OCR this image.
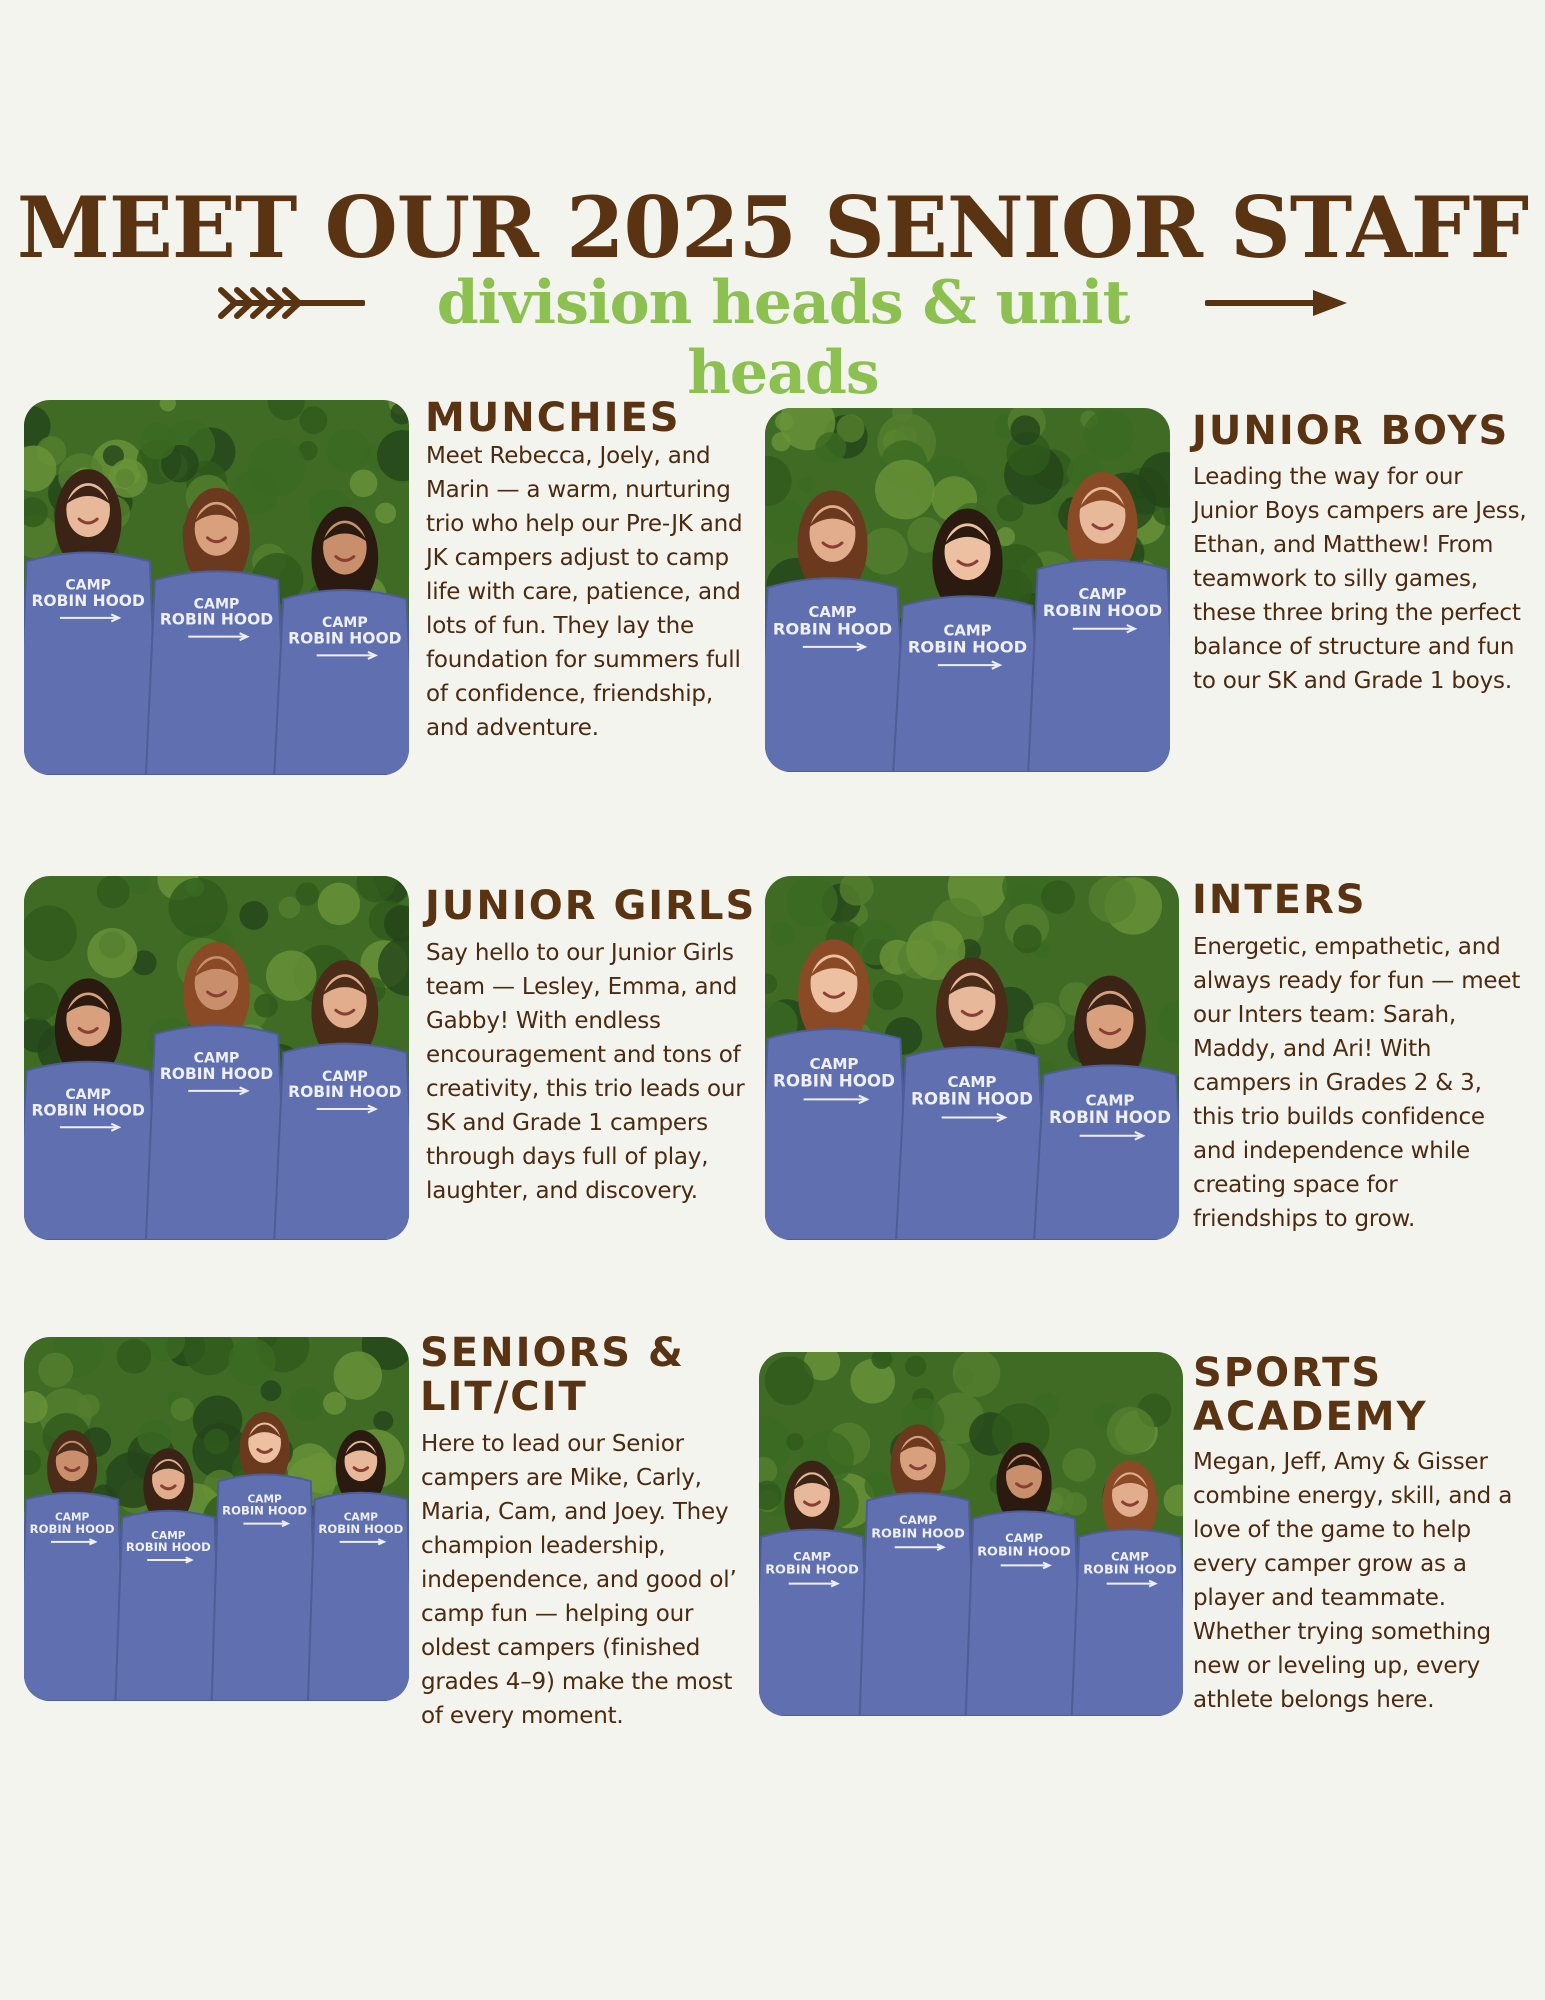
MEET OUR 2025 SENIOR STAFF
division heads & unit heads
CAMP
ROBIN HOOD	CAMP
ROBIN HOOD	CAMP
ROBIN HOOD
CAMP
ROBIN HOOD	CAMP
ROBIN HOOD
CAMP
ROBIN HOOD
CAMP
ROBIN HOOD
CAMP
ROBIN HOOD	CAMP
ROBIN HOOD
CAMP
ROBIN HOOD	CAMP
ROBIN HOOD	CAMP
ROBIN HOOD
CAMP
ROBIN HOOD
CAMP
ROBIN HOOD
CAMP
ROBIN HOOD
CAMP
ROBIN HOOD
CAMP
ROBIN HOOD
CAMP
ROBIN HOOD	CAMP
ROBIN HOOD	CAMP
ROBIN HOOD
MUNCHIES

Meet Rebecca, Joely, and Marin — a warm, nurturing trio who help our Pre-JK and JK campers adjust to camp life with care, patience, and lots of fun. They lay the foundation for summers full of confidence, friendship, and adventure.

JUNIOR BOYS

Leading the way for our Junior Boys campers are Jess, Ethan, and Matthew! From teamwork to silly games, these three bring the perfect balance of structure and fun to our SK and Grade 1 boys.

JUNIOR GIRLS

Say hello to our Junior Girls team — Lesley, Emma, and Gabby! With endless encouragement and tons of creativity, this trio leads our SK and Grade 1 campers through days full of play, laughter, and discovery.

INTERS

Energetic, empathetic, and always ready for fun — meet our Inters team: Sarah, Maddy, and Ari! With campers in Grades 2 & 3, this trio builds confidence and independence while creating space for friendships to grow.

SENIORS & LIT/CIT

Here to lead our Senior campers are Mike, Carly, Maria, Cam, and Joey. They champion leadership, independence, and good ol’ camp fun — helping our oldest campers (finished grades 4–9) make the most of every moment.

SPORTS ACADEMY

Megan, Jeff, Amy & Gisser combine energy, skill, and a love of the game to help every camper grow as a player and teammate. Whether trying something new or leveling up, every athlete belongs here.
